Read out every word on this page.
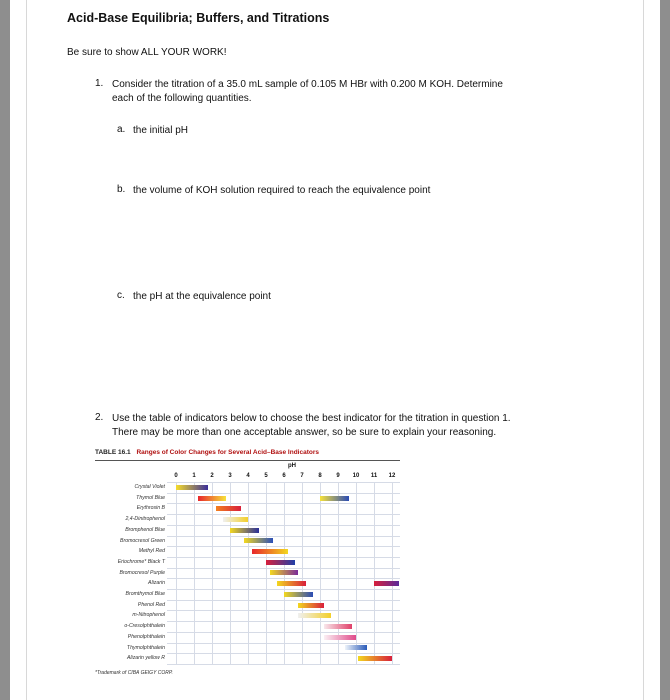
Acid-Base Equilibria; Buffers, and Titrations
Be sure to show ALL YOUR WORK!
1. Consider the titration of a 35.0 mL sample of 0.105 M HBr with 0.200 M KOH. Determine
each of the following quantities.
a. the initial pH
b. the volume of KOH solution required to reach the equivalence point
c. the pH at the equivalence point
2. Use the table of indicators below to choose the best indicator for the titration in question 1.
There may be more than one acceptable answer, so be sure to explain your reasoning.
TABLE 16.1 Ranges of Color Changes for Several Acid–Base Indicators
pH
0	1	2	3	4	5	6	7	8	9	10	11	12
Crystal Violet
Thymol Blue
Erythrosin B
2,4-Dinitrophenol
Bromphenol Blue
Bromocresol Green
Methyl Red
Eriochrome* Black T
Bromocresol Purple
Alizarin
Bromthymol Blue
Phenol Red
m-Nitrophenol
o-Cresolphthalein
Phenolphthalein
Thymolphthalein
Alizarin yellow R
*Trademark of CIBA GEIGY CORP.
